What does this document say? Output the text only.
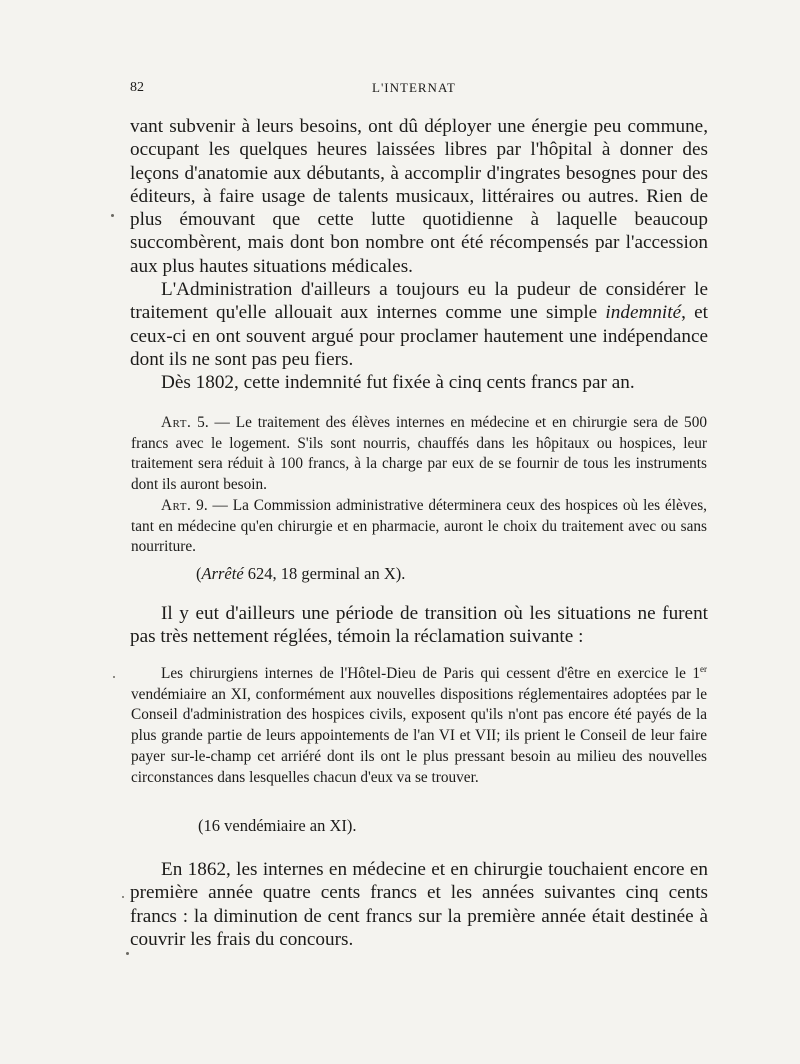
82	L'INTERNAT

vant subvenir à leurs besoins, ont dû déployer une énergie peu commune, occupant les quelques heures laissées libres par l'hôpital à donner des leçons d'anatomie aux débutants, à accomplir d'ingrates besognes pour des éditeurs, à faire usage de talents musicaux, littéraires ou autres. Rien de plus émouvant que cette lutte quotidienne à laquelle beaucoup succombèrent, mais dont bon nombre ont été récompensés par l'accession aux plus hautes situations médicales.

L'Administration d'ailleurs a toujours eu la pudeur de considérer le traitement qu'elle allouait aux internes comme une simple indemnité, et ceux-ci en ont souvent argué pour proclamer hautement une indépendance dont ils ne sont pas peu fiers.

Dès 1802, cette indemnité fut fixée à cinq cents francs par an.

Art. 5. — Le traitement des élèves internes en médecine et en chirurgie sera de 500 francs avec le logement. S'ils sont nourris, chauffés dans les hôpitaux ou hospices, leur traitement sera réduit à 100 francs, à la charge par eux de se fournir de tous les instruments dont ils auront besoin.

Art. 9. — La Commission administrative déterminera ceux des hospices où les élèves, tant en médecine qu'en chirurgie et en pharmacie, auront le choix du traitement avec ou sans nourriture.

(Arrêté 624, 18 germinal an X).

Il y eut d'ailleurs une période de transition où les situations ne furent pas très nettement réglées, témoin la réclamation suivante :

Les chirurgiens internes de l'Hôtel-Dieu de Paris qui cessent d'être en exercice le 1er vendémiaire an XI, conformément aux nouvelles dispositions réglementaires adoptées par le Conseil d'administration des hospices civils, exposent qu'ils n'ont pas encore été payés de la plus grande partie de leurs appointements de l'an VI et VII; ils prient le Conseil de leur faire payer sur-le-champ cet arriéré dont ils ont le plus pressant besoin au milieu des nouvelles circonstances dans lesquelles chacun d'eux va se trouver.

(16 vendémiaire an XI).

En 1862, les internes en médecine et en chirurgie touchaient encore en première année quatre cents francs et les années suivantes cinq cents francs : la diminution de cent francs sur la première année était destinée à couvrir les frais du concours.
